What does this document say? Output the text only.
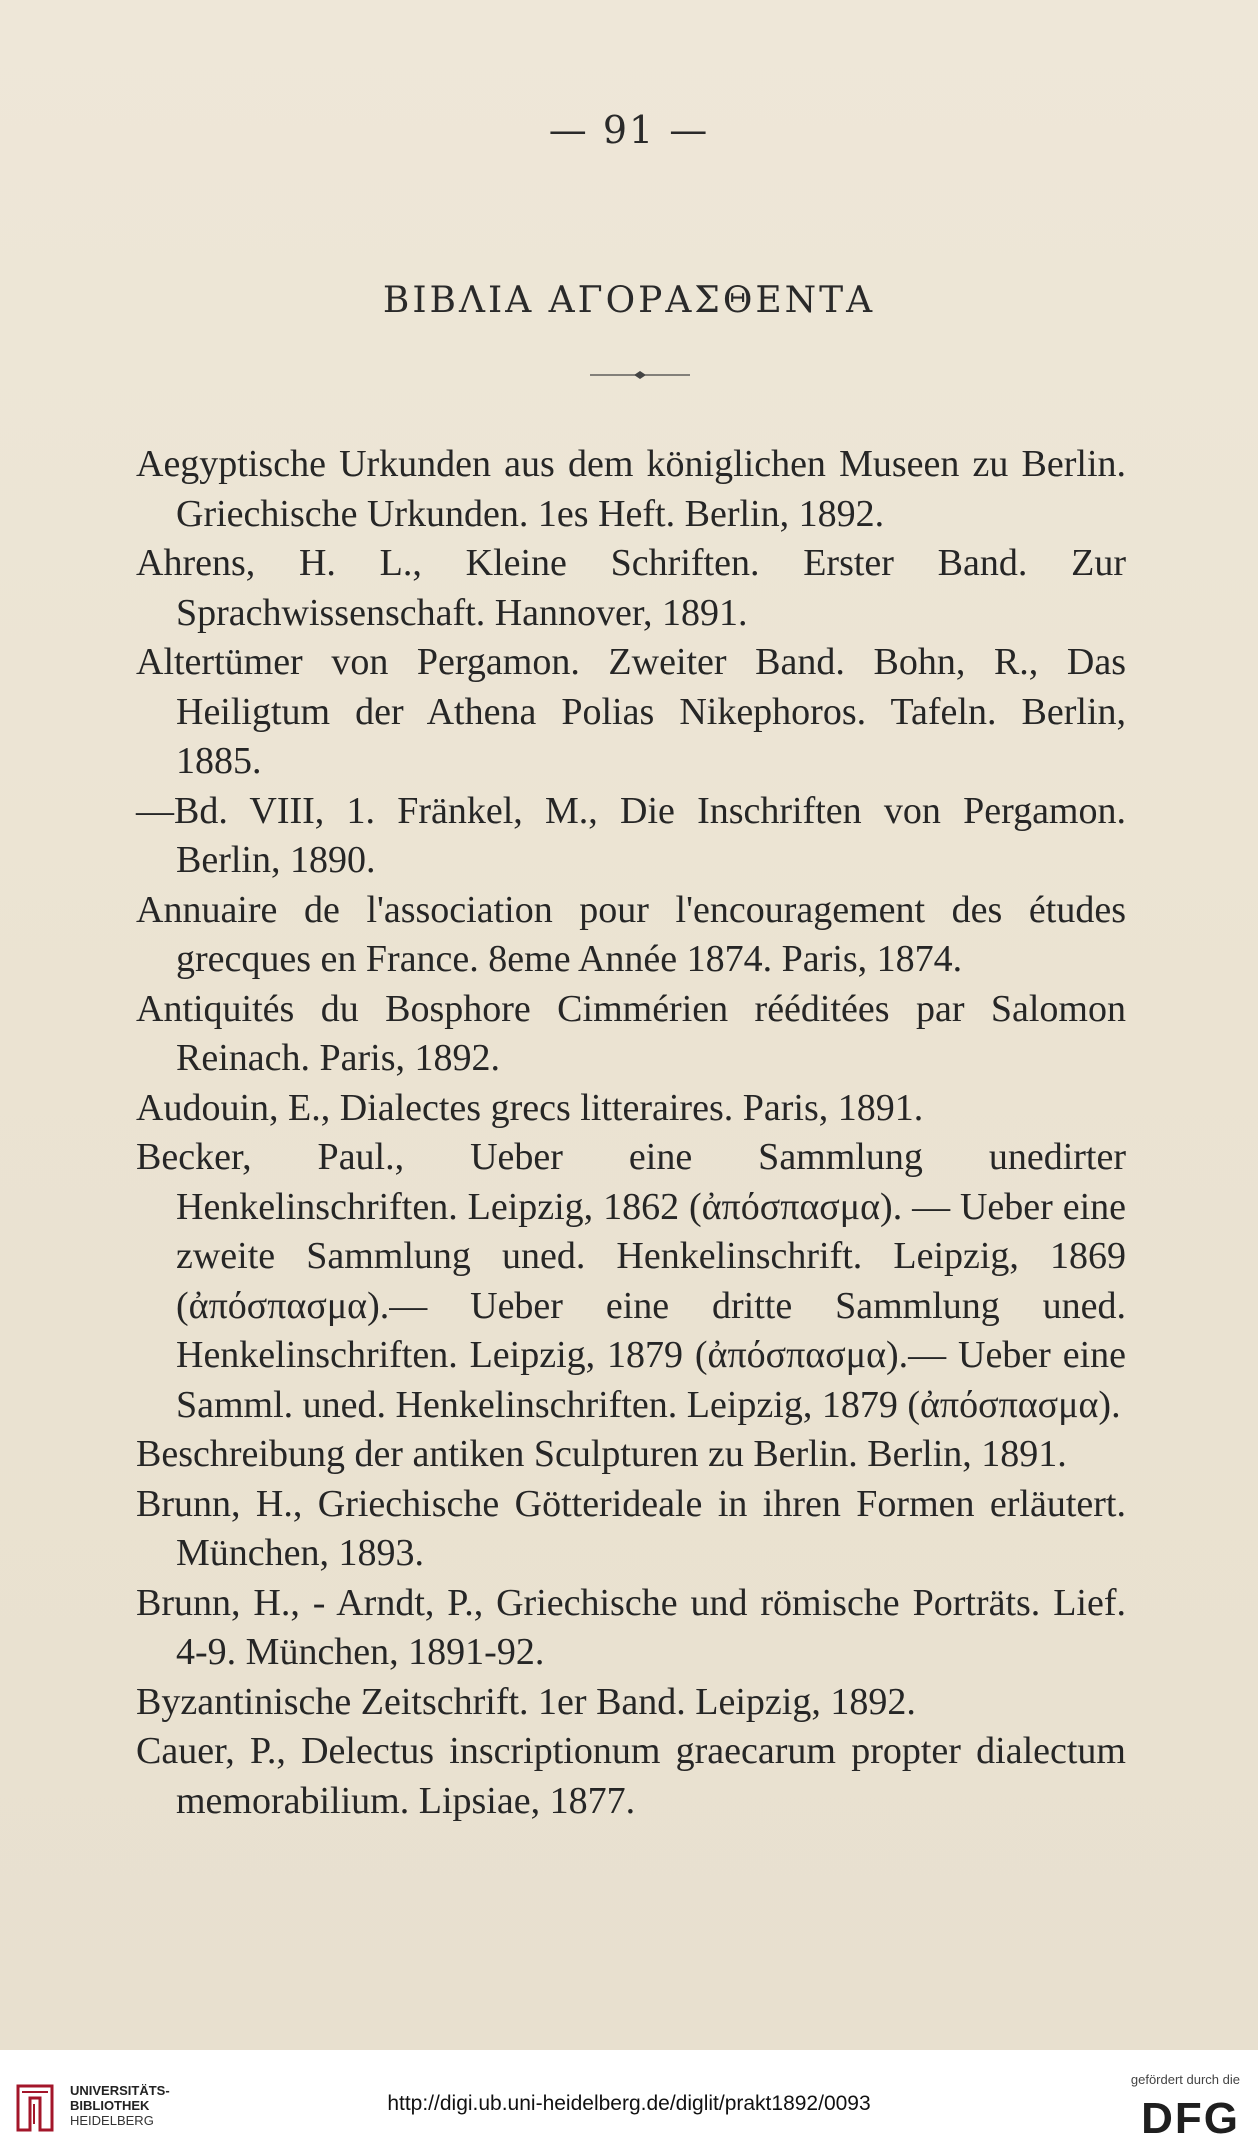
— 91 —
ΒΙΒΛΙΑ ΑΓΟΡΑΣΘΕΝΤΑ

Aegyptische Urkunden aus dem königlichen Museen zu Berlin. Griechische Urkunden. 1es Heft. Berlin, 1892.

Ahrens, H. L., Kleine Schriften. Erster Band. Zur Sprachwissenschaft. Hannover, 1891.

Altertümer von Pergamon. Zweiter Band. Bohn, R., Das Heiligtum der Athena Polias Nikephoros. Tafeln. Berlin, 1885.

—Bd. VIII, 1. Fränkel, M., Die Inschriften von Pergamon. Berlin, 1890.

Annuaire de l'association pour l'encouragement des études grecques en France. 8eme Année 1874. Paris, 1874.

Antiquités du Bosphore Cimmérien rééditées par Salomon Reinach. Paris, 1892.

Audouin, E., Dialectes grecs litteraires. Paris, 1891.

Becker, Paul., Ueber eine Sammlung unedirter Henkelinschriften. Leipzig, 1862 (ἀπόσπασμα). — Ueber eine zweite Sammlung uned. Henkelinschrift. Leipzig, 1869 (ἀπόσπασμα).— Ueber eine dritte Sammlung uned. Henkelinschriften. Leipzig, 1879 (ἀπόσπασμα).— Ueber eine Samml. uned. Henkelinschriften. Leipzig, 1879 (ἀπόσπασμα).

Beschreibung der antiken Sculpturen zu Berlin. Berlin, 1891.

Brunn, H., Griechische Götterideale in ihren Formen erläutert. München, 1893.

Brunn, H., - Arndt, P., Griechische und römische Porträts. Lief. 4-9. München, 1891-92.

Byzantinische Zeitschrift. 1er Band. Leipzig, 1892.

Cauer, P., Delectus inscriptionum graecarum propter dialectum memorabilium. Lipsiae, 1877.

UNIVERSITÄTS-
BIBLIOTHEK
HEIDELBERG
http://digi.ub.uni-heidelberg.de/diglit/prakt1892/0093
gefördert durch die
DFG
